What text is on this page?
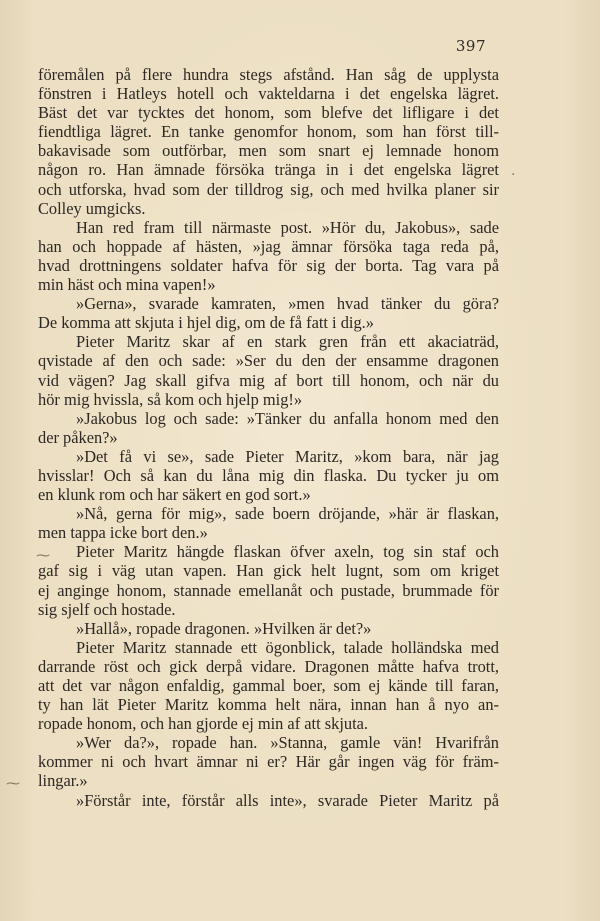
397
⁓
⁓
·
föremålen på flere hundra stegs afstånd. Han såg de upplysta
fönstren i Hatleys hotell och vakteldarna i det engelska lägret.
Bäst det var tycktes det honom, som blefve det lifligare i det
fiendtliga lägret. En tanke genomfor honom, som han först till-
bakavisade som outförbar, men som snart ej lemnade honom
någon ro. Han ämnade försöka tränga in i det engelska lägret
och utforska, hvad som der tilldrog sig, och med hvilka planer sir
Colley umgicks.
Han red fram till närmaste post. »Hör du, Jakobus», sade
han och hoppade af hästen, »jag ämnar försöka taga reda på,
hvad drottningens soldater hafva för sig der borta. Tag vara på
min häst och mina vapen!»
»Gerna», svarade kamraten, »men hvad tänker du göra?
De komma att skjuta i hjel dig, om de få fatt i dig.»
Pieter Maritz skar af en stark gren från ett akaciaträd,
qvistade af den och sade: »Ser du den der ensamme dragonen
vid vägen? Jag skall gifva mig af bort till honom, och när du
hör mig hvissla, så kom och hjelp mig!»
»Jakobus log och sade: »Tänker du anfalla honom med den
der påken?»
»Det få vi se», sade Pieter Maritz, »kom bara, när jag
hvisslar! Och så kan du låna mig din flaska. Du tycker ju om
en klunk rom och har säkert en god sort.»
»Nå, gerna för mig», sade boern dröjande, »här är flaskan,
men tappa icke bort den.»
Pieter Maritz hängde flaskan öfver axeln, tog sin staf och
gaf sig i väg utan vapen. Han gick helt lugnt, som om kriget
ej anginge honom, stannade emellanåt och pustade, brummade för
sig sjelf och hostade.
»Hallå», ropade dragonen. »Hvilken är det?»
Pieter Maritz stannade ett ögonblick, talade holländska med
darrande röst och gick derpå vidare. Dragonen måtte hafva trott,
att det var någon enfaldig, gammal boer, som ej kände till faran,
ty han lät Pieter Maritz komma helt nära, innan han å nyo an-
ropade honom, och han gjorde ej min af att skjuta.
»Wer da?», ropade han. »Stanna, gamle vän! Hvarifrån
kommer ni och hvart ämnar ni er? Här går ingen väg för främ-
lingar.»
»Förstår inte, förstår alls inte», svarade Pieter Maritz på
